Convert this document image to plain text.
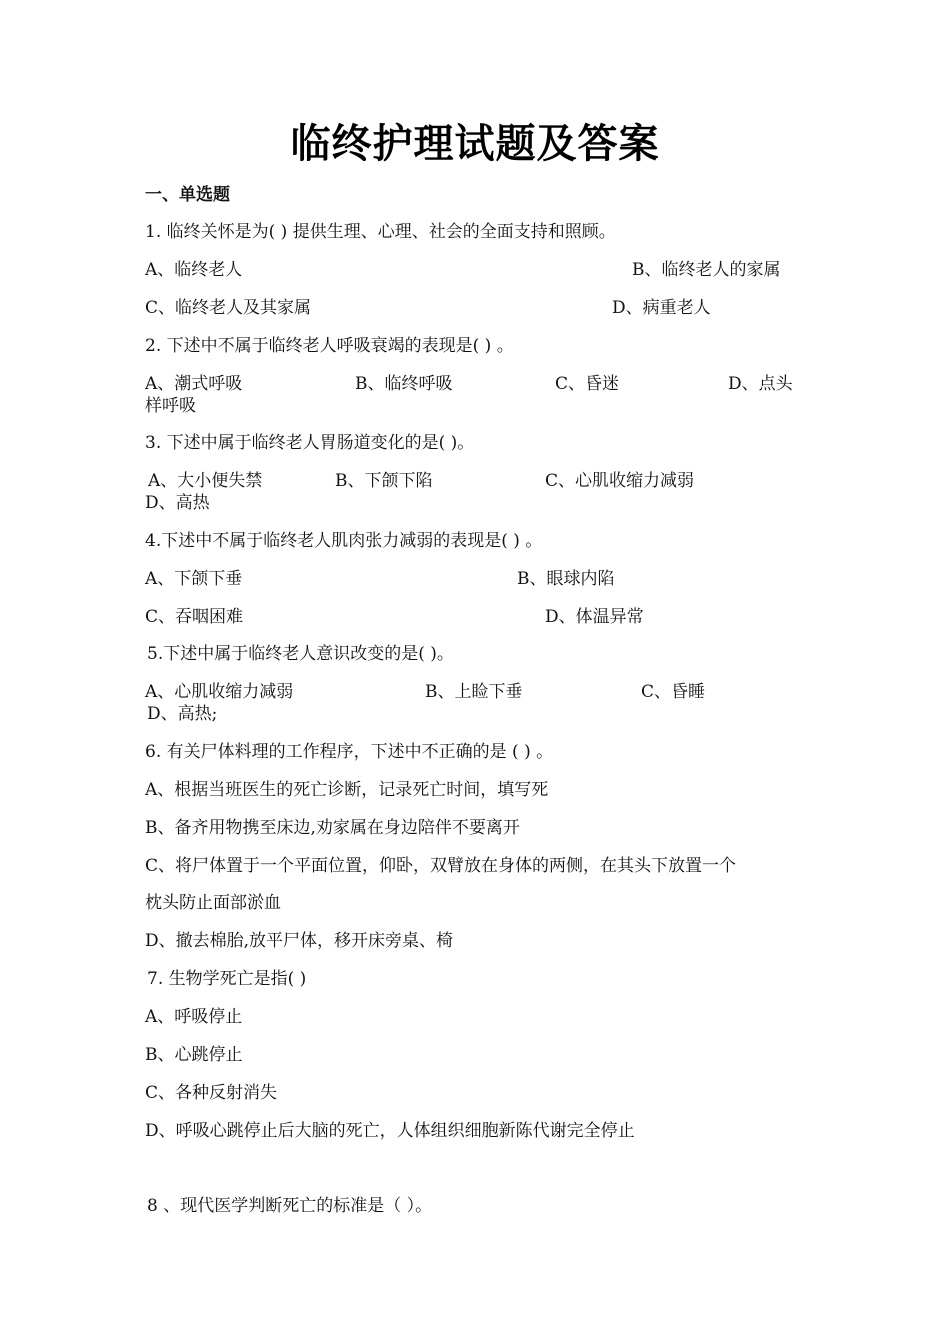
临终护理试题及答案
一、单选题
1. 临终关怀是为( ) 提供生理、心理、社会的全面支持和照顾。
A、临终老人	B、临终老人的家属
C、临终老人及其家属	D、病重老人
2. 下述中不属于临终老人呼吸衰竭的表现是( ) 。
A、潮式呼吸	B、临终呼吸	C、昏迷	D、点头
样呼吸
3. 下述中属于临终老人胃肠道变化的是( )。
A、大小便失禁	B、下颌下陷	C、心肌收缩力减弱
D、高热
4.下述中不属于临终老人肌肉张力减弱的表现是( ) 。
A、下颌下垂	B、眼球内陷
C、吞咽困难	D、体温异常
5.下述中属于临终老人意识改变的是( )。
A、心肌收缩力减弱	B、上睑下垂	C、昏睡
D、高热;
6. 有关尸体料理的工作程序，下述中不正确的是 ( ) 。
A、根据当班医生的死亡诊断，记录死亡时间，填写死
B、备齐用物携至床边,劝家属在身边陪伴不要离开
C、将尸体置于一个平面位置，仰卧，双臂放在身体的两侧，在其头下放置一个
枕头防止面部淤血
D、撤去棉胎,放平尸体，移开床旁桌、椅
7. 生物学死亡是指( )
A、呼吸停止
B、心跳停止
C、各种反射消失
D、呼吸心跳停止后大脑的死亡，人体组织细胞新陈代谢完全停止
8 、现代医学判断死亡的标准是（ ）。
